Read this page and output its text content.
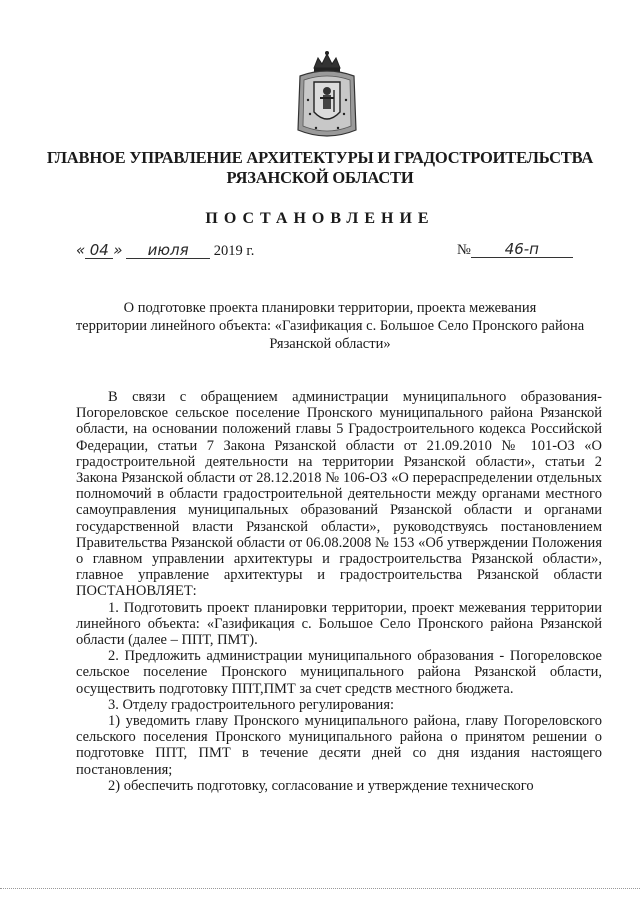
ГЛАВНОЕ УПРАВЛЕНИЕ АРХИТЕКТУРЫ И ГРАДОСТРОИТЕЛЬСТВА
РЯЗАНСКОЙ ОБЛАСТИ
ПОСТАНОВЛЕНИЕ
« 04 » июля 2019 г.	№ 46-п
О подготовке проекта планировки территории, проекта межевания
территории линейного объекта: «Газификация с. Большое Село Пронского района
Рязанской области»

В связи с обращением администрации муниципального образования-Погореловское сельское поселение Пронского муниципального района Рязанской области, на основании положений главы 5 Градостроительного кодекса Российской Федерации, статьи 7 Закона Рязанской области от 21.09.2010 № 101-ОЗ «О градостроительной деятельности на территории Рязанской области», статьи 2 Закона Рязанской области от 28.12.2018 № 106-ОЗ «О перераспределении отдельных полномочий в области градостроительной деятельности между органами местного самоуправления муниципальных образований Рязанской области и органами государственной власти Рязанской области», руководствуясь постановлением Правительства Рязанской области от 06.08.2008 № 153 «Об утверждении Положения о главном управлении архитектуры и градостроительства Рязанской области», главное управление архитектуры и градостроительства Рязанской области ПОСТАНОВЛЯЕТ:

1. Подготовить проект планировки территории, проект межевания территории линейного объекта: «Газификация с. Большое Село Пронского района Рязанской области (далее – ППТ, ПМТ).

2. Предложить администрации муниципального образования - Погореловское сельское поселение Пронского муниципального района Рязанской области, осуществить подготовку ППТ,ПМТ за счет средств местного бюджета.

3. Отделу градостроительного регулирования:

1) уведомить главу Пронского муниципального района, главу Погореловского сельского поселения Пронского муниципального района о принятом решении о подготовке ППТ, ПМТ в течение десяти дней со дня издания настоящего постановления;

2) обеспечить подготовку, согласование и утверждение технического
